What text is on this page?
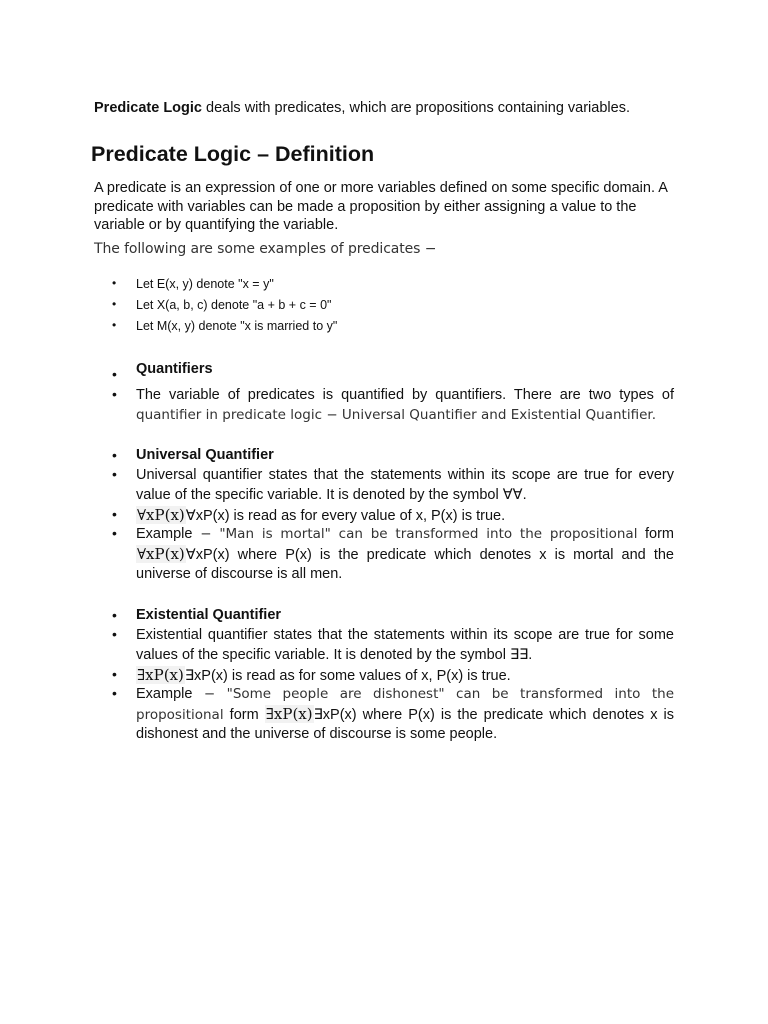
Predicate Logic deals with predicates, which are propositions containing variables.
Predicate Logic – Definition
A predicate is an expression of one or more variables defined on some specific domain. A predicate with variables can be made a proposition by either assigning a value to the variable or by quantifying the variable.
The following are some examples of predicates −
• Let E(x, y) denote "x = y"
• Let X(a, b, c) denote "a + b + c = 0"
• Let M(x, y) denote "x is married to y"
• Quantifiers
• The variable of predicates is quantified by quantifiers. There are two types of quantifier in predicate logic − Universal Quantifier and Existential Quantifier.
• Universal Quantifier
• Universal quantifier states that the statements within its scope are true for every value of the specific variable. It is denoted by the symbol ∀∀.
• ∀xP(x)∀xP(x) is read as for every value of x, P(x) is true.
• Example − "Man is mortal" can be transformed into the propositional form ∀xP(x)∀xP(x) where P(x) is the predicate which denotes x is mortal and the universe of discourse is all men.
• Existential Quantifier
• Existential quantifier states that the statements within its scope are true for some values of the specific variable. It is denoted by the symbol ∃∃.
• ∃xP(x)∃xP(x) is read as for some values of x, P(x) is true.
• Example − "Some people are dishonest" can be transformed into the propositional form ∃xP(x)∃xP(x) where P(x) is the predicate which denotes x is dishonest and the universe of discourse is some people.
